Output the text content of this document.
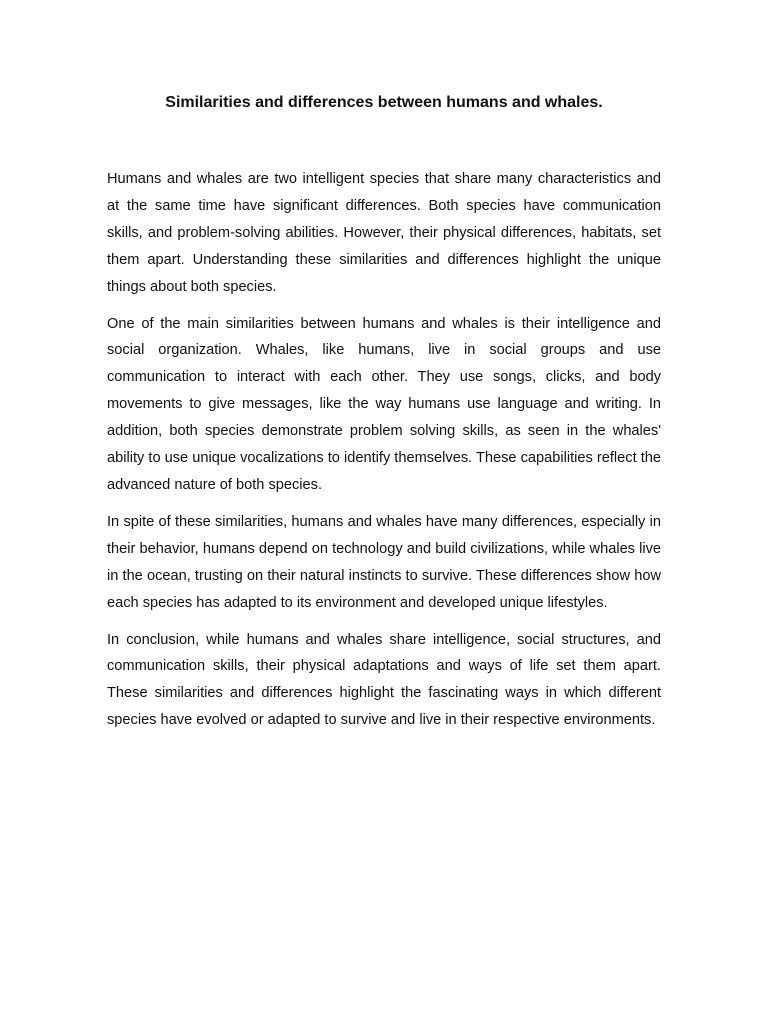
Similarities and differences between humans and whales.

Humans and whales are two intelligent species that share many characteristics and at the same time have significant differences. Both species have communication skills, and problem-solving abilities. However, their physical differences, habitats, set them apart. Understanding these similarities and differences highlight the unique things about both species.

One of the main similarities between humans and whales is their intelligence and social organization. Whales, like humans, live in social groups and use communication to interact with each other. They use songs, clicks, and body movements to give messages, like the way humans use language and writing. In addition, both species demonstrate problem solving skills, as seen in the whales' ability to use unique vocalizations to identify themselves. These capabilities reflect the advanced nature of both species.

In spite of these similarities, humans and whales have many differences, especially in their behavior, humans depend on technology and build civilizations, while whales live in the ocean, trusting on their natural instincts to survive. These differences show how each species has adapted to its environment and developed unique lifestyles.

In conclusion, while humans and whales share intelligence, social structures, and communication skills, their physical adaptations and ways of life set them apart. These similarities and differences highlight the fascinating ways in which different species have evolved or adapted to survive and live in their respective environments.
